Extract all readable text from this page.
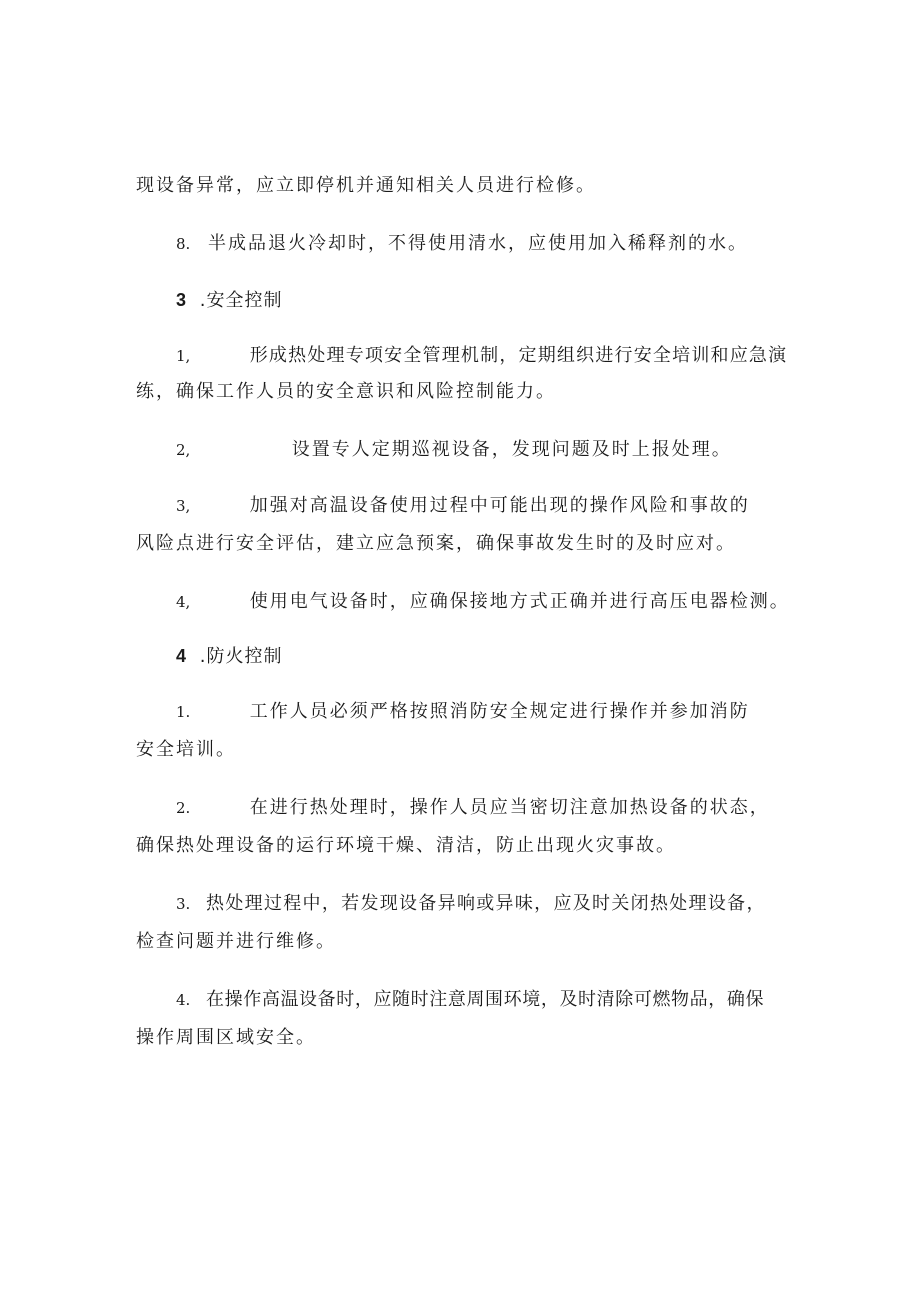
现设备异常，应立即停机并通知相关人员进行检修。
8. 半成品退火冷却时，不得使用清水，应使用加入稀释剂的水。
3 .安全控制
1,	形成热处理专项安全管理机制，定期组织进行安全培训和应急演
练，确保工作人员的安全意识和风险控制能力。
2,	设置专人定期巡视设备，发现问题及时上报处理。
3,	加强对高温设备使用过程中可能出现的操作风险和事故的
风险点进行安全评估，建立应急预案，确保事故发生时的及时应对。
4,	使用电气设备时，应确保接地方式正确并进行高压电器检测。
4 .防火控制
1.	工作人员必须严格按照消防安全规定进行操作并参加消防
安全培训。
2.	在进行热处理时，操作人员应当密切注意加热设备的状态，
确保热处理设备的运行环境干燥、清洁，防止出现火灾事故。
3. 热处理过程中，若发现设备异响或异味，应及时关闭热处理设备，
检查问题并进行维修。
4. 在操作高温设备时，应随时注意周围环境，及时清除可燃物品，确保
操作周围区域安全。
